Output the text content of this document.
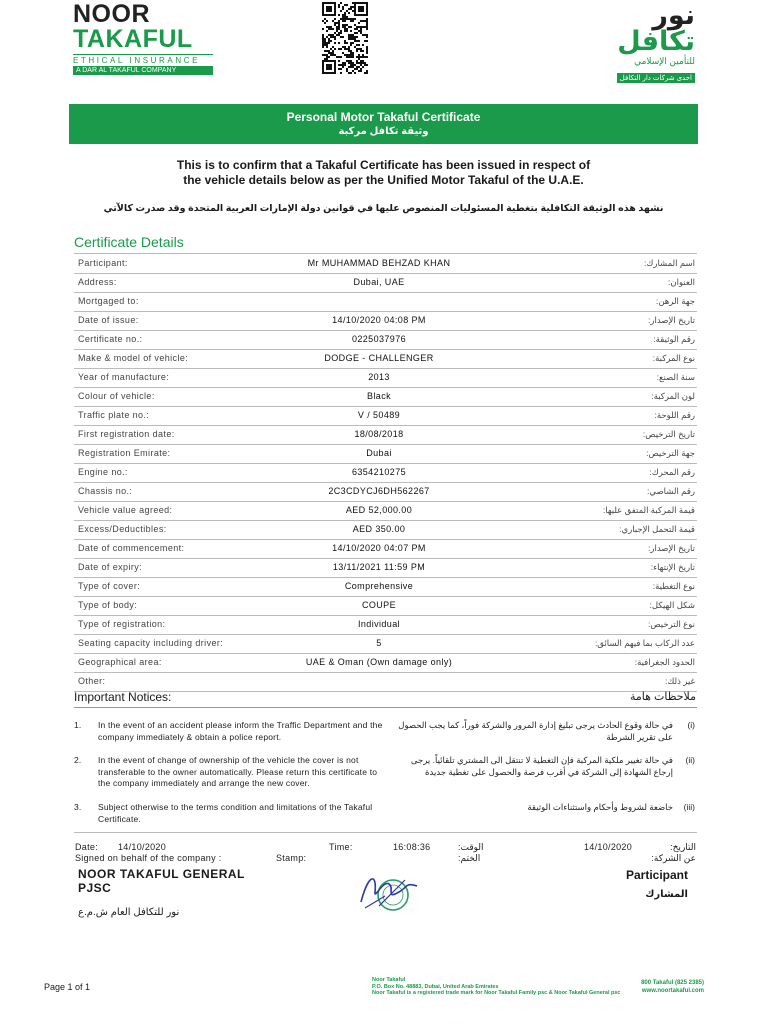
NOOR
TAKAFUL
ETHICAL INSURANCE
A DAR AL TAKAFUL COMPANY
نور
تكافل
للتأمين الإسلامي
احدى شركات دار التكافل
Personal Motor Takaful Certificate
وثيقة تكافل مركبة
This is to confirm that a Takaful Certificate has been issued in respect of
the vehicle details below as per the Unified Motor Takaful of the U.A.E.
نشهد هذه الوثيقة التكافلية بتغطية المسئوليات المنصوص عليها في قوانين دولة الإمارات العربية المتحدة وقد صدرت كالآتي
Certificate Details
Participant:	Mr MUHAMMAD BEHZAD KHAN	اسم المشارك:
Address:	Dubai, UAE	العنوان:
Mortgaged to:	جهة الرهن:
Date of issue:	14/10/2020 04:08 PM	تاريخ الإصدار:
Certificate no.:	0225037976	رقم الوثيقة:
Make & model of vehicle:	DODGE - CHALLENGER	نوع المركبة:
Year of manufacture:	2013	سنة الصنع:
Colour of vehicle:	Black	لون المركبة:
Traffic plate no.:	V / 50489	رقم اللوحة:
First registration date:	18/08/2018	تاريخ الترخيص:
Registration Emirate:	Dubai	جهة الترخيص:
Engine no.:	6354210275	رقم المحرك:
Chassis no.:	2C3CDYCJ6DH562267	رقم الشاصي:
Vehicle value agreed:	AED 52,000.00	قيمة المركبة المتفق عليها:
Excess/Deductibles:	AED 350.00	قيمة التحمل الإجباري:
Date of commencement:	14/10/2020 04:07 PM	تاريخ الإصدار:
Date of expiry:	13/11/2021 11:59 PM	تاريخ الإنتهاء:
Type of cover:	Comprehensive	نوع التغطية:
Type of body:	COUPE	شكل الهيكل:
Type of registration:	Individual	نوع الترخيص:
Seating capacity including driver:	5	عدد الركاب بما فيهم السائق:
Geographical area:	UAE & Oman (Own damage only)	الحدود الجغرافية:
Other:	غير ذلك:
Important Notices:	ملاحظات هامة
1. In the event of an accident please inform the Traffic Department and the company immediately & obtain a police report.
2. In the event of change of ownership of the vehicle the cover is not transferable to the owner automatically. Please return this certificate to the company immediately and arrange the new cover.
3. Subject otherwise to the terms condition and limitations of the Takaful Certificate.
(i)
في حالة وقوع الحادث يرجى تبليغ إدارة المرور والشركة فوراً، كما يجب الحصول على تقرير الشرطة
(ii)
في حالة تغيير ملكية المركبة فإن التغطية لا تنتقل الى المشتري تلقائياً. يرجى إرجاع الشهادة إلى الشركة في أقرب فرصة والحصول على تغطية جديدة
(iii)
خاضعة لشروط وأحكام واستثناءات الوثيقة
Date: 14/10/2020	Time:	16:08:36	الوقت:	14/10/2020	التاريخ:
Signed on behalf of the company :	Stamp:	الختم:	عن الشركة:
NOOR TAKAFUL GENERAL
PJSC
نور للتكافل العام ش.م.ع
Participant
المشارك
Page 1 of 1
Noor Takaful
P.O. Box No. 48883, Dubai, United Arab Emirates
Noor Takaful is a registered trade mark for Noor Takaful Family psc & Noor Takaful General psc
800 Takaful (825 2385)
www.noortakaful.com
